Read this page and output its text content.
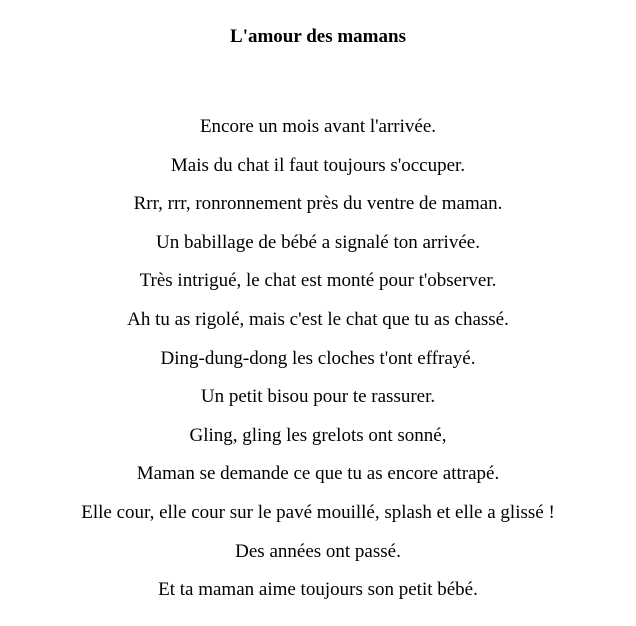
L'amour des mamans
Encore un mois avant l'arrivée.
Mais du chat il faut toujours s'occuper.
Rrr, rrr, ronronnement près du ventre de maman.
Un babillage de bébé a signalé ton arrivée.
Très intrigué, le chat est monté pour t'observer.
Ah tu as rigolé, mais c'est le chat que tu as chassé.
Ding-dung-dong les cloches t'ont effrayé.
Un petit bisou pour te rassurer.
Gling, gling les grelots ont sonné,
Maman se demande ce que tu as encore attrapé.
Elle cour, elle cour sur le pavé mouillé, splash et elle a glissé !
Des années ont passé.
Et ta maman aime toujours son petit bébé.
